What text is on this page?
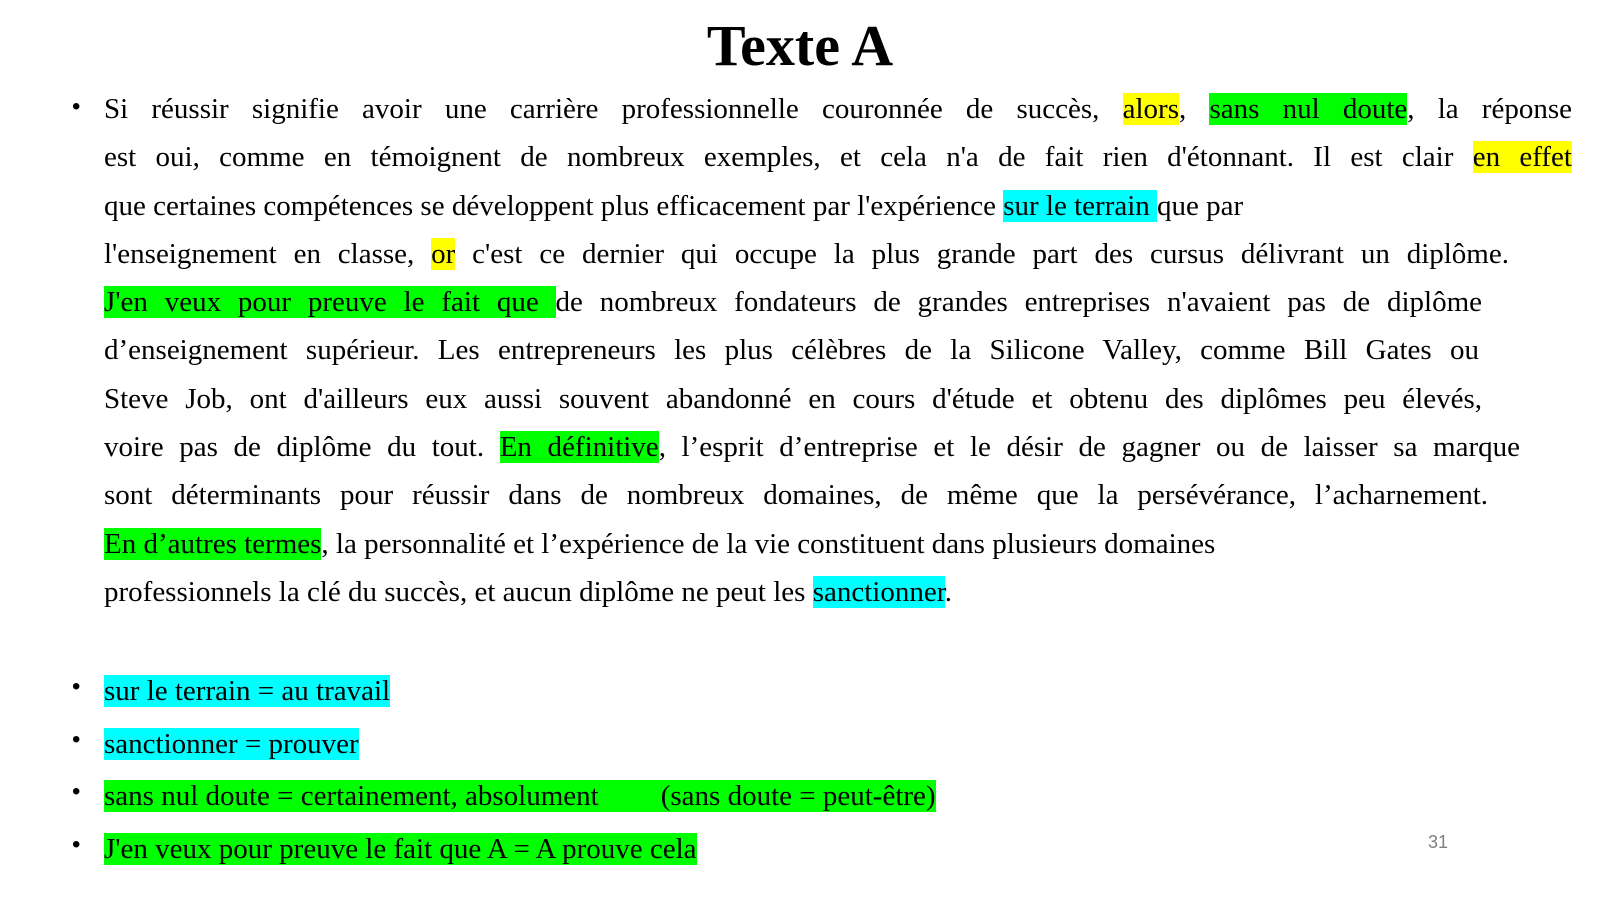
Texte A
• Si réussir signifie avoir une carrière professionnelle couronnée de succès, alors, sans nul doute, la réponse
est oui, comme en témoignent de nombreux exemples, et cela n'a de fait rien d'étonnant. Il est clair en effet
que certaines compétences se développent plus efficacement par l'expérience sur le terrain que par
l'enseignement en classe, or c'est ce dernier qui occupe la plus grande part des cursus délivrant un diplôme.
J'en veux pour preuve le fait que de nombreux fondateurs de grandes entreprises n'avaient pas de diplôme
d’enseignement supérieur. Les entrepreneurs les plus célèbres de la Silicone Valley, comme Bill Gates ou
Steve Job, ont d'ailleurs eux aussi souvent abandonné en cours d'étude et obtenu des diplômes peu élevés,
voire pas de diplôme du tout. En définitive, l’esprit d’entreprise et le désir de gagner ou de laisser sa marque
sont déterminants pour réussir dans de nombreux domaines, de même que la persévérance, l’acharnement.
En d’autres termes, la personnalité et l’expérience de la vie constituent dans plusieurs domaines
professionnels la clé du succès, et aucun diplôme ne peut les sanctionner.

• sur le terrain = au travail
• sanctionner = prouver
• sans nul doute = certainement, absolument (sans doute = peut-être)
• J'en veux pour preuve le fait que A = A prouve cela	31
